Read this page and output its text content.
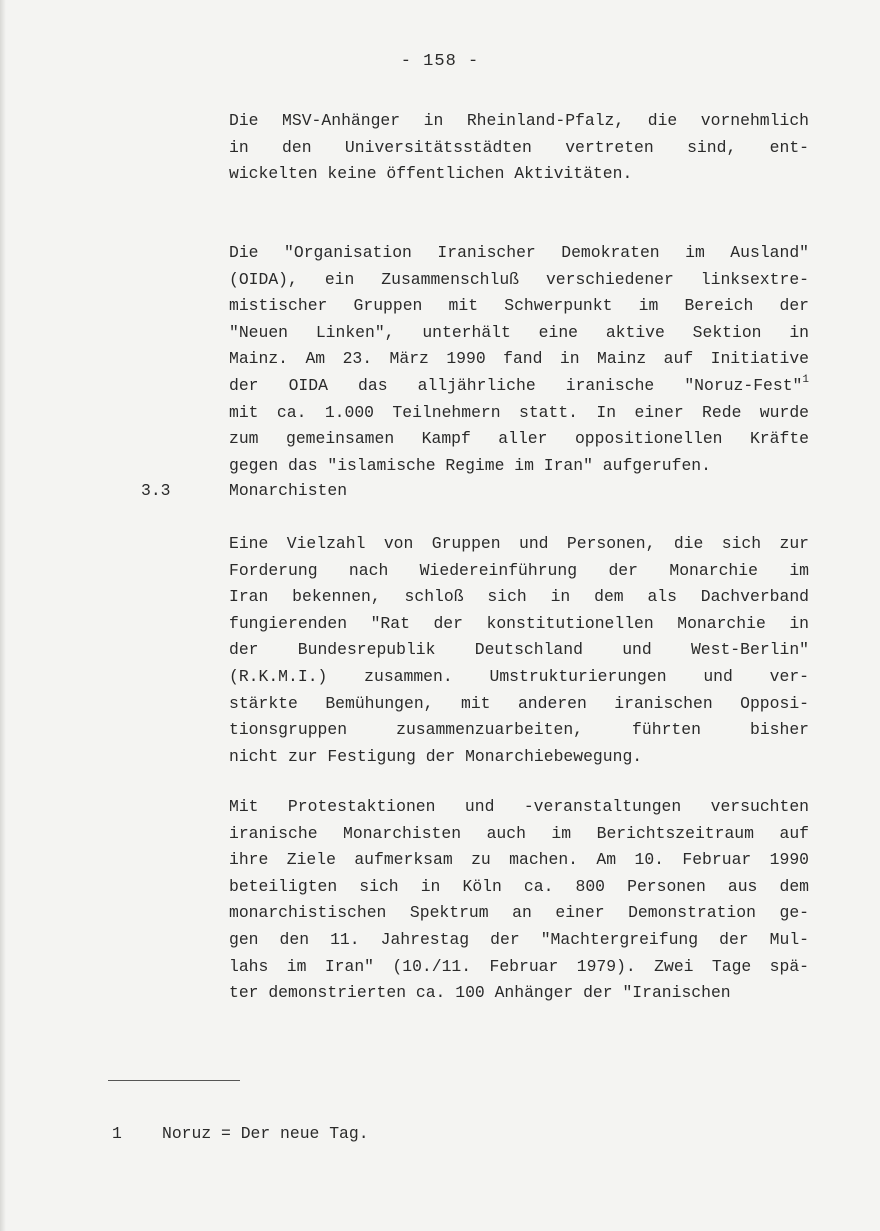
- 158 -
Die MSV-Anhänger in Rheinland-Pfalz, die vornehmlich
in den Universitätsstädten vertreten sind, ent-
wickelten keine öffentlichen Aktivitäten.
Die "Organisation Iranischer Demokraten im Ausland"
(OIDA), ein Zusammenschluß verschiedener linksextre-
mistischer Gruppen mit Schwerpunkt im Bereich der
"Neuen Linken", unterhält eine aktive Sektion in
Mainz. Am 23. März 1990 fand in Mainz auf Initiative
der OIDA das alljährliche iranische "Noruz-Fest"$^1$
mit ca. 1.000 Teilnehmern statt. In einer Rede wurde
zum gemeinsamen Kampf aller oppositionellen Kräfte
gegen das "islamische Regime im Iran" aufgerufen.
3.3	Monarchisten
Eine Vielzahl von Gruppen und Personen, die sich zur
Forderung nach Wiedereinführung der Monarchie im
Iran bekennen, schloß sich in dem als Dachverband
fungierenden "Rat der konstitutionellen Monarchie in
der Bundesrepublik Deutschland und West-Berlin"
(R.K.M.I.) zusammen. Umstrukturierungen und ver-
stärkte Bemühungen, mit anderen iranischen Opposi-
tionsgruppen zusammenzuarbeiten, führten bisher
nicht zur Festigung der Monarchiebewegung.
Mit Protestaktionen und -veranstaltungen versuchten
iranische Monarchisten auch im Berichtszeitraum auf
ihre Ziele aufmerksam zu machen. Am 10. Februar 1990
beteiligten sich in Köln ca. 800 Personen aus dem
monarchistischen Spektrum an einer Demonstration ge-
gen den 11. Jahrestag der "Machtergreifung der Mul-
lahs im Iran" (10./11. Februar 1979). Zwei Tage spä-
ter demonstrierten ca. 100 Anhänger der "Iranischen
1 Noruz = Der neue Tag.
